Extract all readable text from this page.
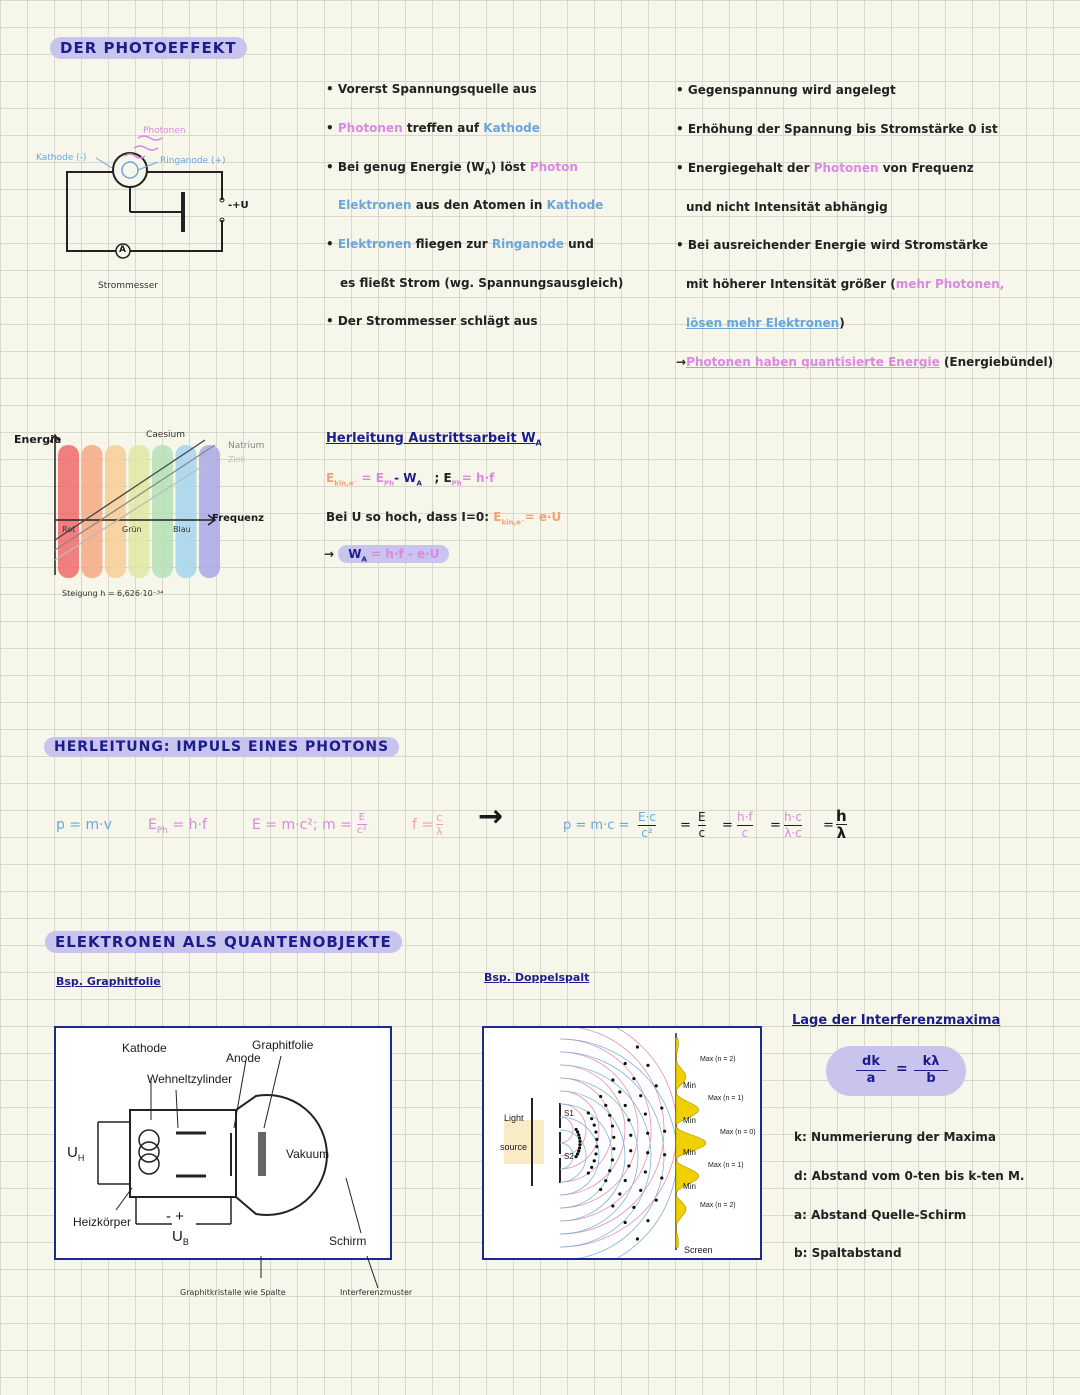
DER PHOTOEFFEKT
Photonen
Kathode (-)	Ringanode (+)
A
-+U
Strommesser
• Vorerst Spannungsquelle aus
• Photonen treffen auf Kathode
• Bei genug Energie $(W_A)$ löst Photon
Elektronen aus den Atomen in Kathode
• Elektronen fliegen zur Ringanode und
es fließt Strom (wg. Spannungsausgleich)
• Der Strommesser schlägt aus
• Gegenspannung wird angelegt
• Erhöhung der Spannung bis Stromstärke 0 ist
• Energiegehalt der Photonen von Frequenz
und nicht Intensität abhängig
• Bei ausreichender Energie wird Stromstärke
mit höherer Intensität größer (mehr Photonen,
lösen mehr Elektronen)
→Photonen haben quantisierte Energie (Energiebündel)
Energie
Frequenz
Caesium
Natrium
Zink
Rot	Grün	Blau
Steigung h = 6,626·10⁻³⁴
Herleitung Austrittsarbeit $W_A$
$E_{kin,e^-} = E_{Ph}-$ $W_A$ ; $E_{Ph}= h\cdot f$
Bei U so hoch, dass I=0: $E_{kin,e^-}= e\cdot U$
→ $W_A = h\cdot f - e\cdot U$
HERLEITUNG: IMPULS EINES PHOTONS
p = m·v	$E_{Ph} = h\cdot f$	E = m·c²; $m = \frac{E}{\text{c²}}$	$f = \frac{c}{\lambda}$ →	$p = m\cdot c = \frac{E\cdot c}{\text{c²}} = \frac{E}{c} = \frac{h\cdot f}{c} = \frac{h\cdot c}{\lambda\cdot c} = \frac{h}{\lambda}$
ELEKTRONEN ALS QUANTENOBJEKTE
Bsp. Graphitfolie	Bsp. Doppelspalt
Kathode	Graphitfolie
Anode
Wehneltzylinder
$U_H$	Vakuum
Heizkörper - +
$U_B$	Schirm
Graphitkristalle wie Spalte	Interferenzmuster
Light
source
S1
S2
Screen
Max (n = 2)
Min
Max (n = 1)
Min
Max (n = 0)
Min
Max (n = 1)
Min
Max (n = 2)
Lage der Interferenzmaxima
dk
a
=	kλ
b
k: Nummerierung der Maxima
d: Abstand vom 0-ten bis k-ten M.
a: Abstand Quelle-Schirm
b: Spaltabstand
